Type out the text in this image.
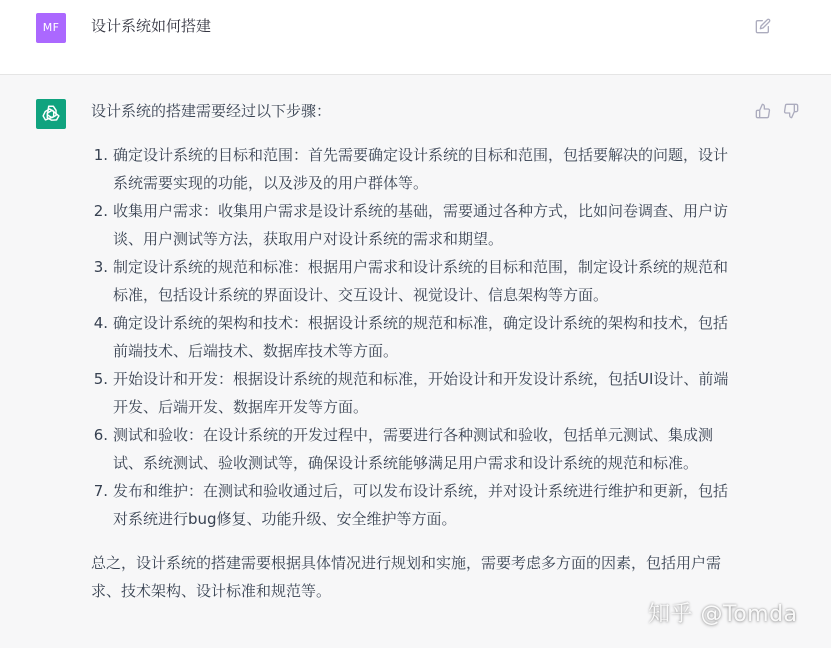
MF	设计系统如何搭建

设计系统的搭建需要经过以下步骤：

1. 确定设计系统的目标和范围：首先需要确定设计系统的目标和范围，包括要解决的问题，设计系统需要实现的功能，以及涉及的用户群体等。
2. 收集用户需求：收集用户需求是设计系统的基础，需要通过各种方式，比如问卷调查、用户访谈、用户测试等方法，获取用户对设计系统的需求和期望。
3. 制定设计系统的规范和标准：根据用户需求和设计系统的目标和范围，制定设计系统的规范和标准，包括设计系统的界面设计、交互设计、视觉设计、信息架构等方面。
4. 确定设计系统的架构和技术：根据设计系统的规范和标准，确定设计系统的架构和技术，包括前端技术、后端技术、数据库技术等方面。
5. 开始设计和开发：根据设计系统的规范和标准，开始设计和开发设计系统，包括UI设计、前端开发、后端开发、数据库开发等方面。
6. 测试和验收：在设计系统的开发过程中，需要进行各种测试和验收，包括单元测试、集成测试、系统测试、验收测试等，确保设计系统能够满足用户需求和设计系统的规范和标准。
7. 发布和维护：在测试和验收通过后，可以发布设计系统，并对设计系统进行维护和更新，包括对系统进行bug修复、功能升级、安全维护等方面。

总之，设计系统的搭建需要根据具体情况进行规划和实施，需要考虑多方面的因素，包括用户需求、技术架构、设计标准和规范等。

知乎 @Tomda
